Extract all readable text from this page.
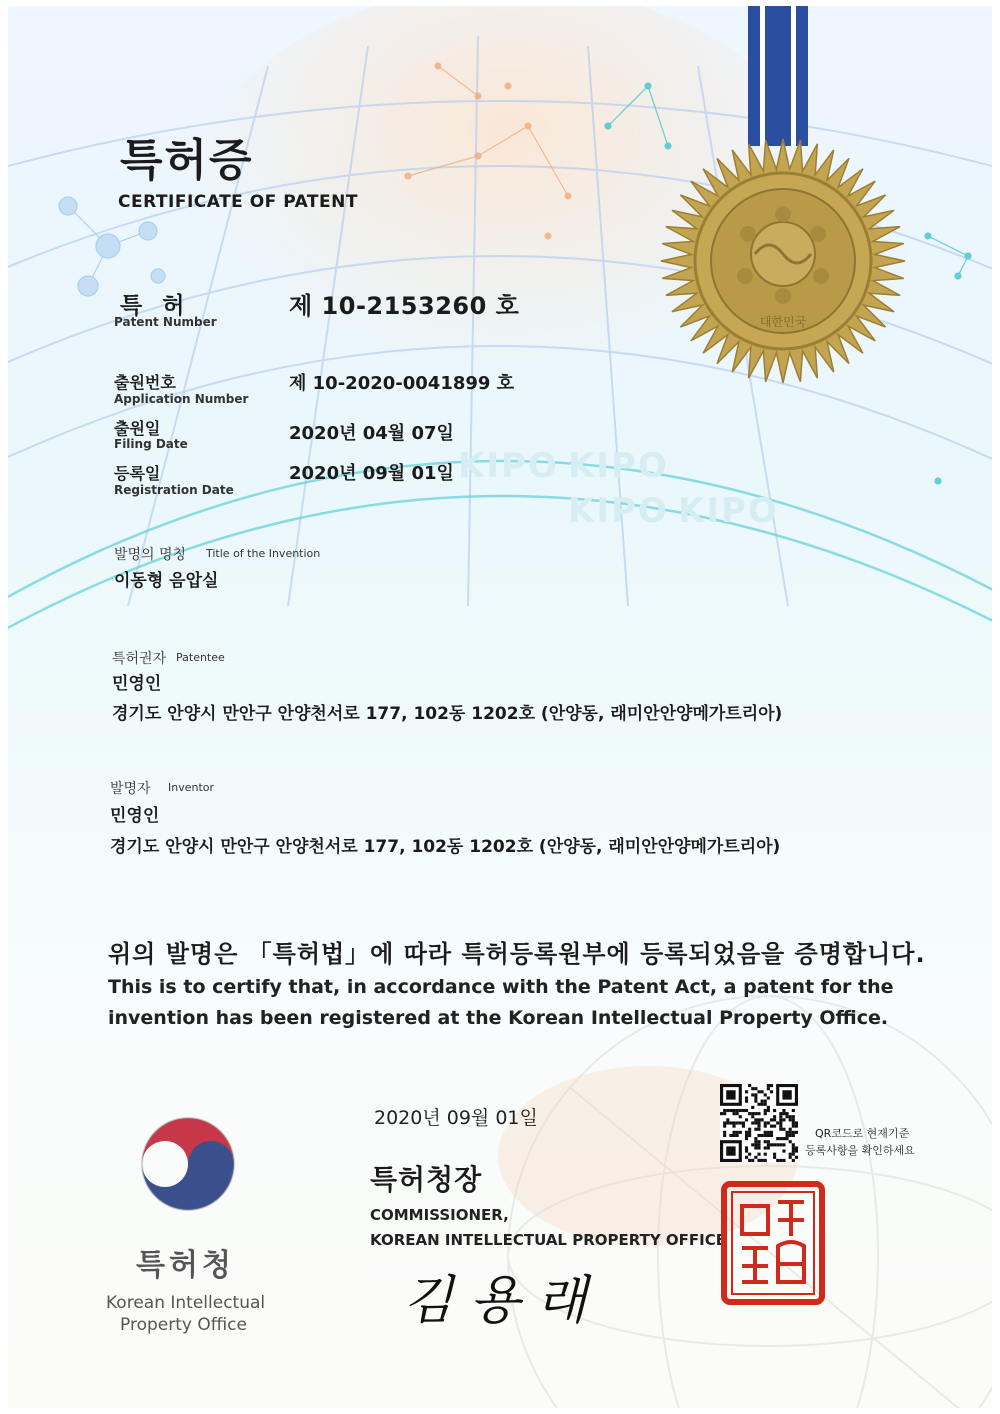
KIPO KIPO
KIPO KIPO
대한민국
특허증
CERTIFICATE OF PATENT
특 허
Patent Number
제 10-2153260 호
출원번호
Application Number
제 10-2020-0041899 호
출원일
Filing Date	2020년 04월 07일
등록일
Registration Date
2020년 09월 01일
발명의 명칭 Title of the Invention
이동형 음압실
특허권자 Patentee
민영인
경기도 안양시 만안구 안양천서로 177, 102동 1202호 (안양동, 래미안안양메가트리아)
발명자 Inventor
민영인
경기도 안양시 만안구 안양천서로 177, 102동 1202호 (안양동, 래미안안양메가트리아)
위의 발명은 「특허법」에 따라 특허등록원부에 등록되었음을 증명합니다.
This is to certify that, in accordance with the Patent Act, a patent for the
invention has been registered at the Korean Intellectual Property Office.
특허청
Korean Intellectual
Property Office
2020년 09월 01일
특허청장
COMMISSIONER,
KOREAN INTELLECTUAL PROPERTY OFFICE
김 용 래
QR코드로 현재기준
등록사항을 확인하세요
